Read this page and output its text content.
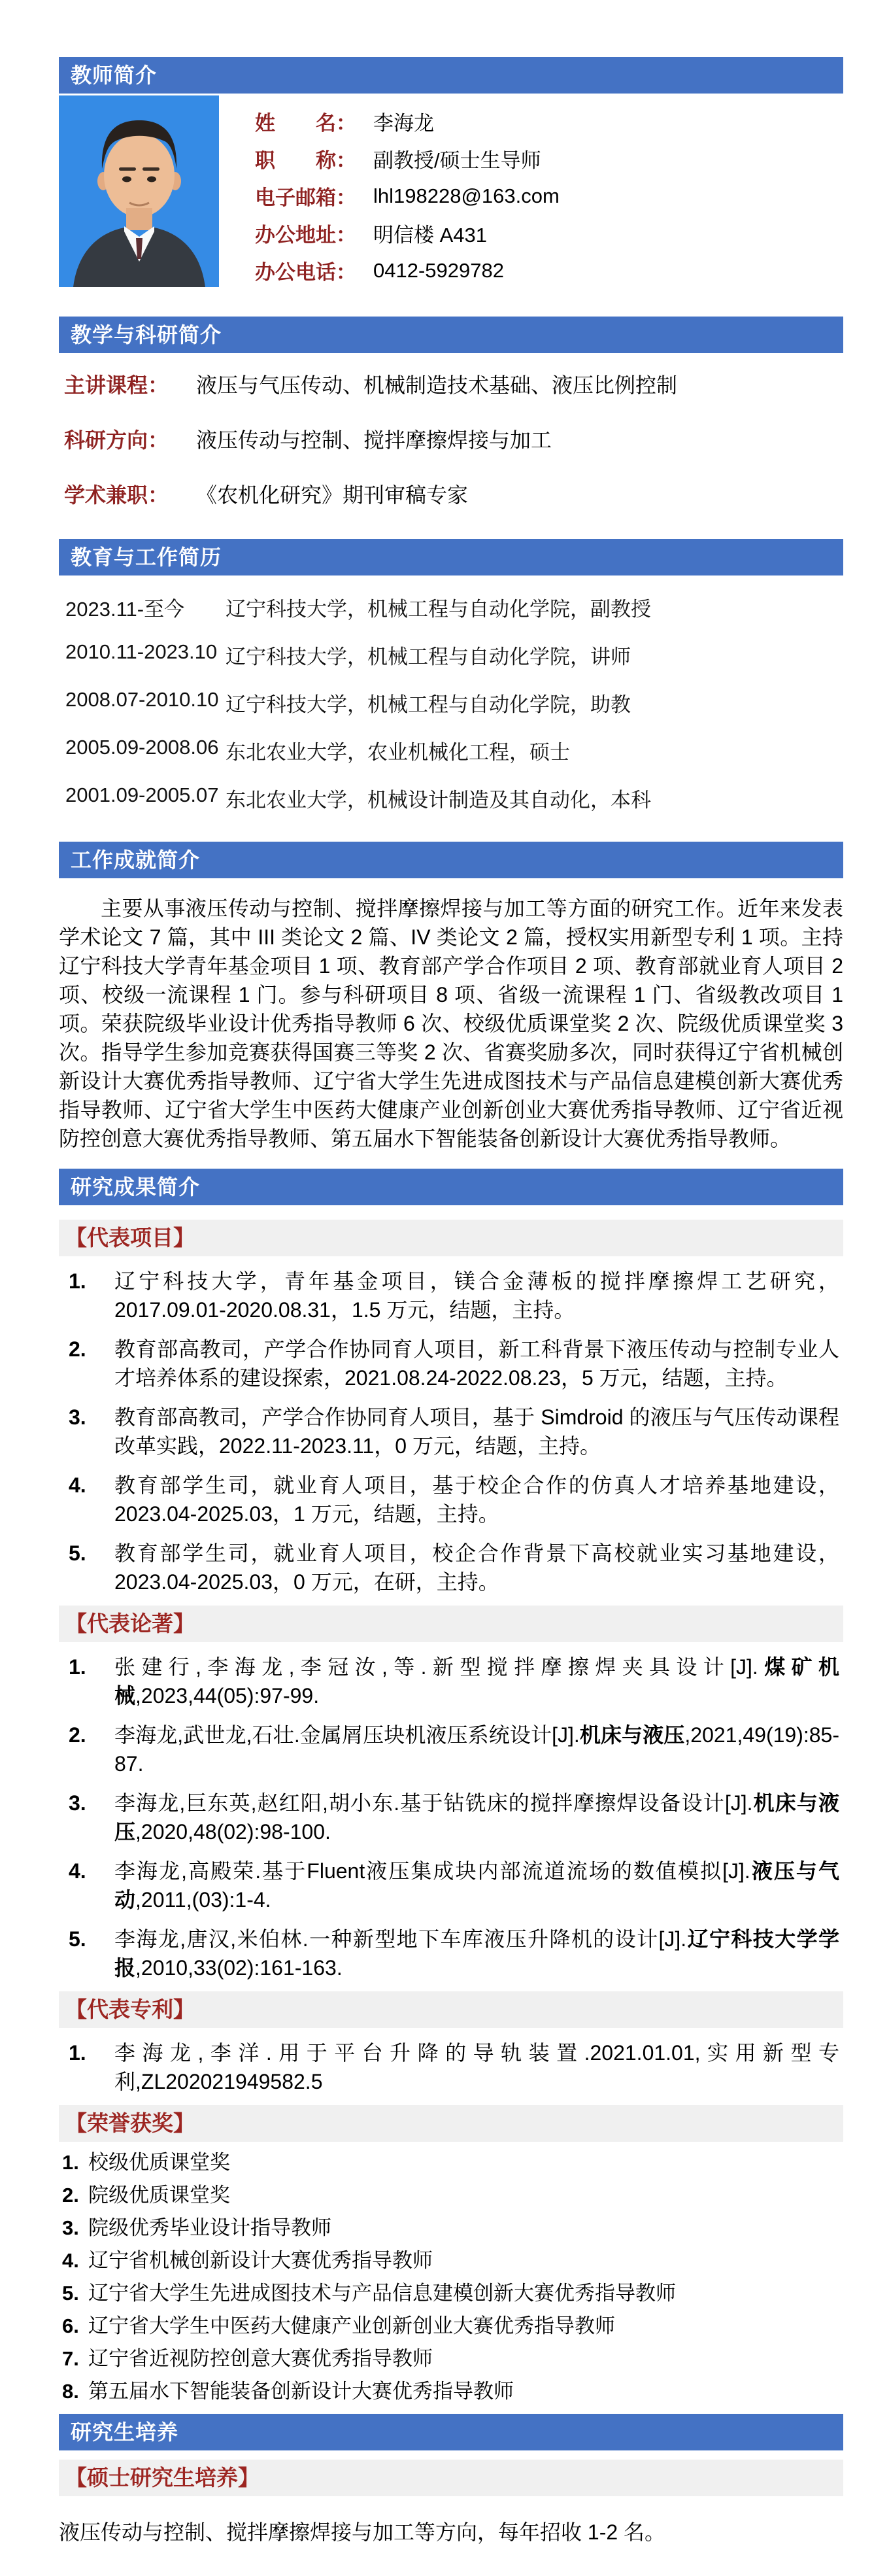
教师简介
姓　　名： 李海龙
职　　称： 副教授/硕士生导师
电子邮箱： lhl198228@163.com
办公地址： 明信楼 A431
办公电话： 0412-5929782
教学与科研简介
主讲课程： 液压与气压传动、机械制造技术基础、液压比例控制
科研方向： 液压传动与控制、搅拌摩擦焊接与加工
学术兼职： 《农机化研究》期刊审稿专家
教育与工作简历
2023.11-至今	辽宁科技大学，机械工程与自动化学院，副教授
2010.11-2023.10 辽宁科技大学，机械工程与自动化学院，讲师
2008.07-2010.10 辽宁科技大学，机械工程与自动化学院，助教
2005.09-2008.06 东北农业大学，农业机械化工程，硕士
2001.09-2005.07 东北农业大学，机械设计制造及其自动化，本科
工作成就简介

主要从事液压传动与控制、搅拌摩擦焊接与加工等方面的研究工作。近年来发表学术论文 7 篇，其中 III 类论文 2 篇、IV 类论文 2 篇，授权实用新型专利 1 项。主持辽宁科技大学青年基金项目 1 项、教育部产学合作项目 2 项、教育部就业育人项目 2 项、校级一流课程 1 门。参与科研项目 8 项、省级一流课程 1 门、省级教改项目 1 项。荣获院级毕业设计优秀指导教师 6 次、校级优质课堂奖 2 次、院级优质课堂奖 3 次。指导学生参加竞赛获得国赛三等奖 2 次、省赛奖励多次，同时获得辽宁省机械创新设计大赛优秀指导教师、辽宁省大学生先进成图技术与产品信息建模创新大赛优秀指导教师、辽宁省大学生中医药大健康产业创新创业大赛优秀指导教师、辽宁省近视防控创意大赛优秀指导教师、第五届水下智能装备创新设计大赛优秀指导教师。

研究成果简介
【代表项目】
1. 辽宁科技大学，青年基金项目，镁合金薄板的搅拌摩擦焊工艺研究，2017.09.01-2020.08.31，1.5 万元，结题，主持。
2. 教育部高教司，产学合作协同育人项目，新工科背景下液压传动与控制专业人才培养体系的建设探索，2021.08.24-2022.08.23，5 万元，结题，主持。
3. 教育部高教司，产学合作协同育人项目，基于 Simdroid 的液压与气压传动课程改革实践，2022.11-2023.11，0 万元，结题，主持。
4. 教育部学生司，就业育人项目，基于校企合作的仿真人才培养基地建设，2023.04-2025.03，1 万元，结题，主持。
5. 教育部学生司，就业育人项目，校企合作背景下高校就业实习基地建设，2023.04-2025.03，0 万元，在研，主持。
【代表论著】
1. 张建行,李海龙,李冠汝,等.新型搅拌摩擦焊夹具设计[J].煤矿机械,2023,44(05):97-99.
2. 李海龙,武世龙,石壮.金属屑压块机液压系统设计[J].机床与液压,2021,49(19):85-87.
3. 李海龙,巨东英,赵红阳,胡小东.基于钻铣床的搅拌摩擦焊设备设计[J].机床与液压,2020,48(02):98-100.
4. 李海龙,高殿荣.基于Fluent液压集成块内部流道流场的数值模拟[J].液压与气动,2011,(03):1-4.
5. 李海龙,唐汉,米伯林.一种新型地下车库液压升降机的设计[J].辽宁科技大学学报,2010,33(02):161-163.
【代表专利】
1. 李海龙,李洋.用于平台升降的导轨装置.2021.01.01,实用新型专利,ZL202021949582.5
【荣誉获奖】
1. 校级优质课堂奖
2. 院级优质课堂奖
3. 院级优秀毕业设计指导教师
4. 辽宁省机械创新设计大赛优秀指导教师
5. 辽宁省大学生先进成图技术与产品信息建模创新大赛优秀指导教师
6. 辽宁省大学生中医药大健康产业创新创业大赛优秀指导教师
7. 辽宁省近视防控创意大赛优秀指导教师
8. 第五届水下智能装备创新设计大赛优秀指导教师
研究生培养
【硕士研究生培养】

液压传动与控制、搅拌摩擦焊接与加工等方向，每年招收 1-2 名。
